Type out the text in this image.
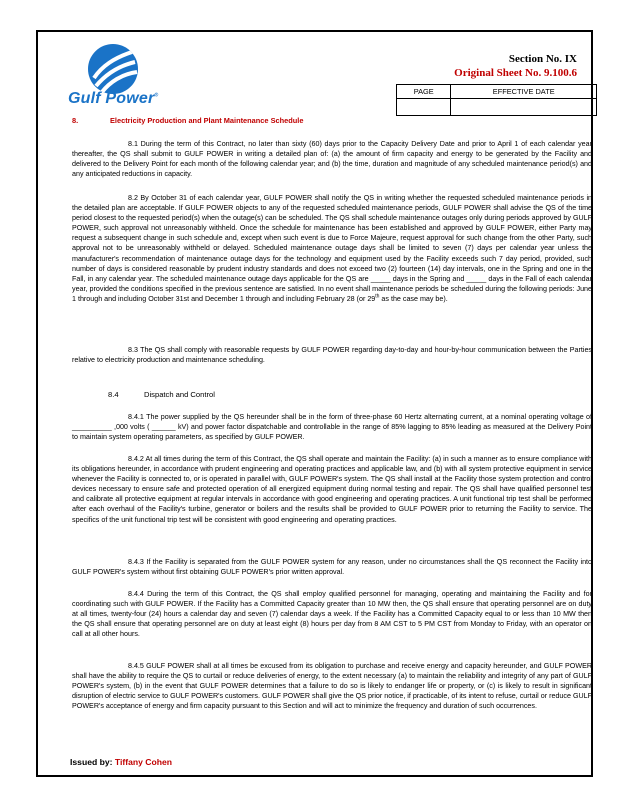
Gulf Power®
Section No. IX
Original Sheet No. 9.100.6
PAGE	EFFECTIVE DATE

8.	Electricity Production and Plant Maintenance Schedule

8.1 During the term of this Contract, no later than sixty (60) days prior to the Capacity Delivery Date and prior to April 1 of each calendar year thereafter, the QS shall submit to GULF POWER in writing a detailed plan of: (a) the amount of firm capacity and energy to be generated by the Facility and delivered to the Delivery Point for each month of the following calendar year; and (b) the time, duration and magnitude of any scheduled maintenance period(s) and any anticipated reductions in capacity.

8.2 By October 31 of each calendar year, GULF POWER shall notify the QS in writing whether the requested scheduled maintenance periods in the detailed plan are acceptable. If GULF POWER objects to any of the requested scheduled maintenance periods, GULF POWER shall advise the QS of the time period closest to the requested period(s) when the outage(s) can be scheduled. The QS shall schedule maintenance outages only during periods approved by GULF POWER, such approval not unreasonably withheld. Once the schedule for maintenance has been established and approved by GULF POWER, either Party may request a subsequent change in such schedule and, except when such event is due to Force Majeure, request approval for such change from the other Party, such approval not to be unreasonably withheld or delayed. Scheduled maintenance outage days shall be limited to seven (7) days per calendar year unless the manufacturer's recommendation of maintenance outage days for the technology and equipment used by the Facility exceeds such 7 day period, provided, such number of days is considered reasonable by prudent industry standards and does not exceed two (2) fourteen (14) day intervals, one in the Spring and one in the Fall, in any calendar year. The scheduled maintenance outage days applicable for the QS are _____ days in the Spring and _____ days in the Fall of each calendar year, provided the conditions specified in the previous sentence are satisfied. In no event shall maintenance periods be scheduled during the following periods: June 1 through and including October 31st and December 1 through and including February 28 (or 29th as the case may be).

8.3 The QS shall comply with reasonable requests by GULF POWER regarding day-to-day and hour-by-hour communication between the Parties relative to electricity production and maintenance scheduling.

8.4	Dispatch and Control

8.4.1 The power supplied by the QS hereunder shall be in the form of three-phase 60 Hertz alternating current, at a nominal operating voltage of __________ ,000 volts ( ______ kV) and power factor dispatchable and controllable in the range of 85% lagging to 85% leading as measured at the Delivery Point to maintain system operating parameters, as specified by GULF POWER.

8.4.2 At all times during the term of this Contract, the QS shall operate and maintain the Facility: (a) in such a manner as to ensure compliance with its obligations hereunder, in accordance with prudent engineering and operating practices and applicable law, and (b) with all system protective equipment in service whenever the Facility is connected to, or is operated in parallel with, GULF POWER's system. The QS shall install at the Facility those system protection and control devices necessary to ensure safe and protected operation of all energized equipment during normal testing and repair. The QS shall have qualified personnel test and calibrate all protective equipment at regular intervals in accordance with good engineering and operating practices. A unit functional trip test shall be performed after each overhaul of the Facility's turbine, generator or boilers and the results shall be provided to GULF POWER prior to returning the Facility to service. The specifics of the unit functional trip test will be consistent with good engineering and operating practices.

8.4.3 If the Facility is separated from the GULF POWER system for any reason, under no circumstances shall the QS reconnect the Facility into GULF POWER's system without first obtaining GULF POWER's prior written approval.

8.4.4 During the term of this Contract, the QS shall employ qualified personnel for managing, operating and maintaining the Facility and for coordinating such with GULF POWER. If the Facility has a Committed Capacity greater than 10 MW then, the QS shall ensure that operating personnel are on duty at all times, twenty-four (24) hours a calendar day and seven (7) calendar days a week. If the Facility has a Committed Capacity equal to or less than 10 MW then the QS shall ensure that operating personnel are on duty at least eight (8) hours per day from 8 AM CST to 5 PM CST from Monday to Friday, with an operator on call at all other hours.

8.4.5 GULF POWER shall at all times be excused from its obligation to purchase and receive energy and capacity hereunder, and GULF POWER shall have the ability to require the QS to curtail or reduce deliveries of energy, to the extent necessary (a) to maintain the reliability and integrity of any part of GULF POWER's system, (b) in the event that GULF POWER determines that a failure to do so is likely to endanger life or property, or (c) is likely to result in significant disruption of electric service to GULF POWER's customers. GULF POWER shall give the QS prior notice, if practicable, of its intent to refuse, curtail or reduce GULF POWER's acceptance of energy and firm capacity pursuant to this Section and will act to minimize the frequency and duration of such occurrences.

Issued by: Tiffany Cohen
